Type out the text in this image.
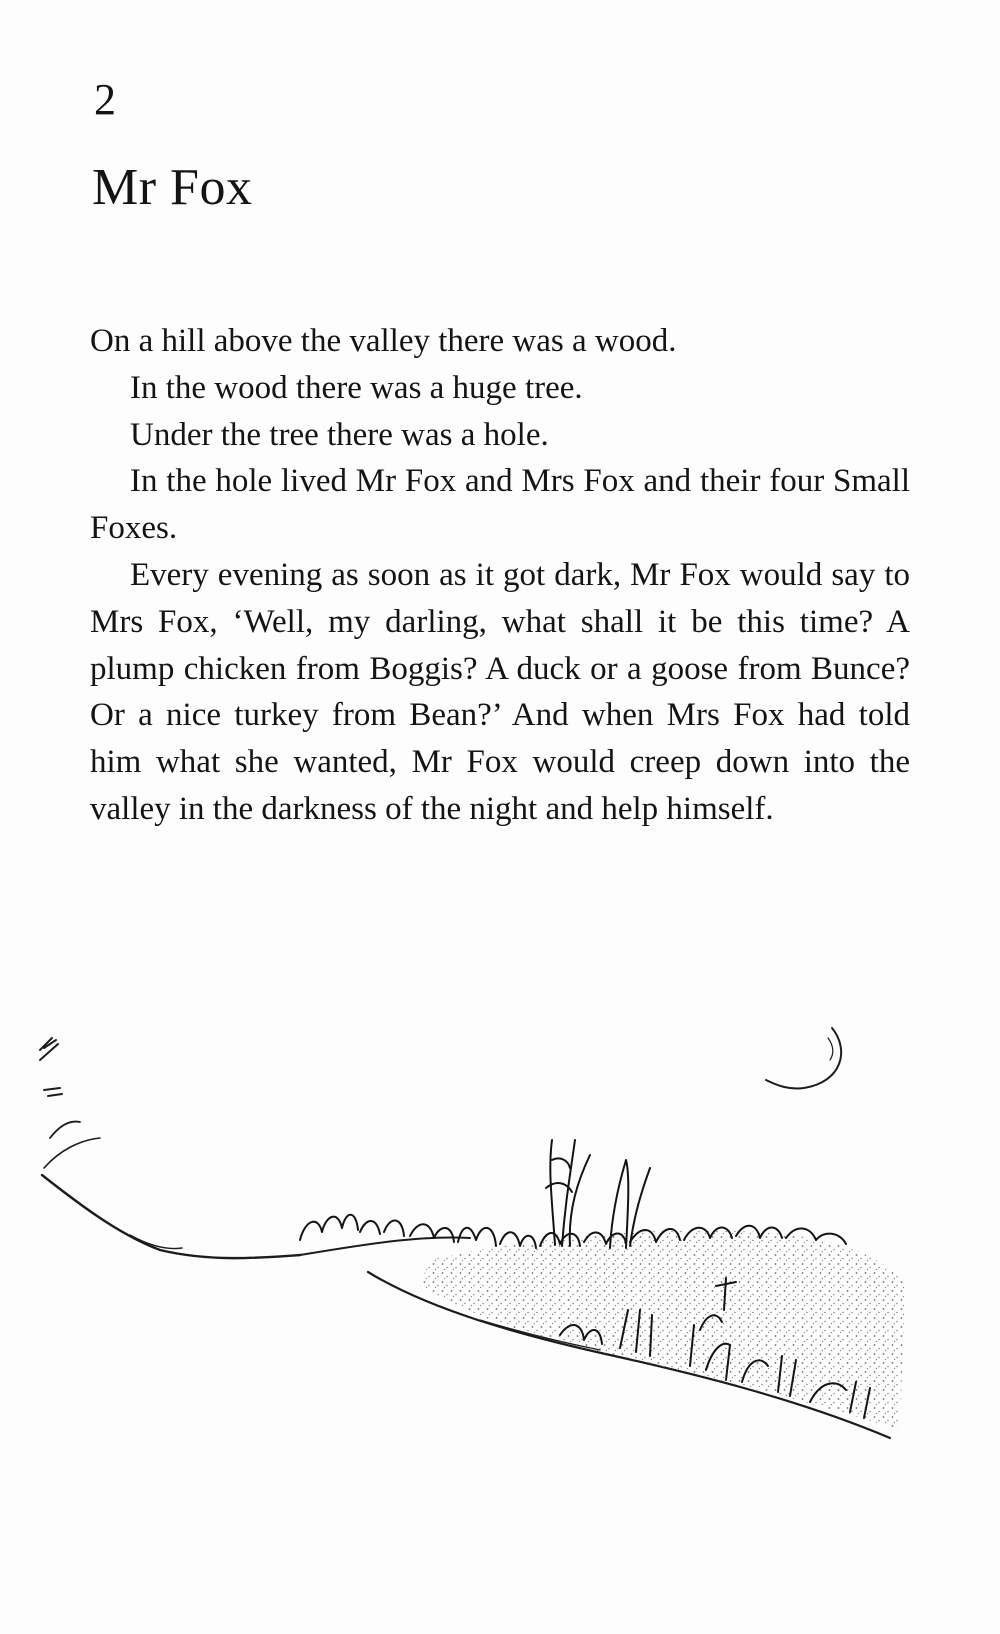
2
Mr Fox

On a hill above the valley there was a wood.

In the wood there was a huge tree.

Under the tree there was a hole.

In the hole lived Mr Fox and Mrs Fox and their four Small Foxes.

Every evening as soon as it got dark, Mr Fox would say to Mrs Fox, ‘Well, my darling, what shall it be this time? A plump chicken from Boggis? A duck or a goose from Bunce? Or a nice turkey from Bean?’ And when Mrs Fox had told him what she wanted, Mr Fox would creep down into the valley in the darkness of the night and help himself.
